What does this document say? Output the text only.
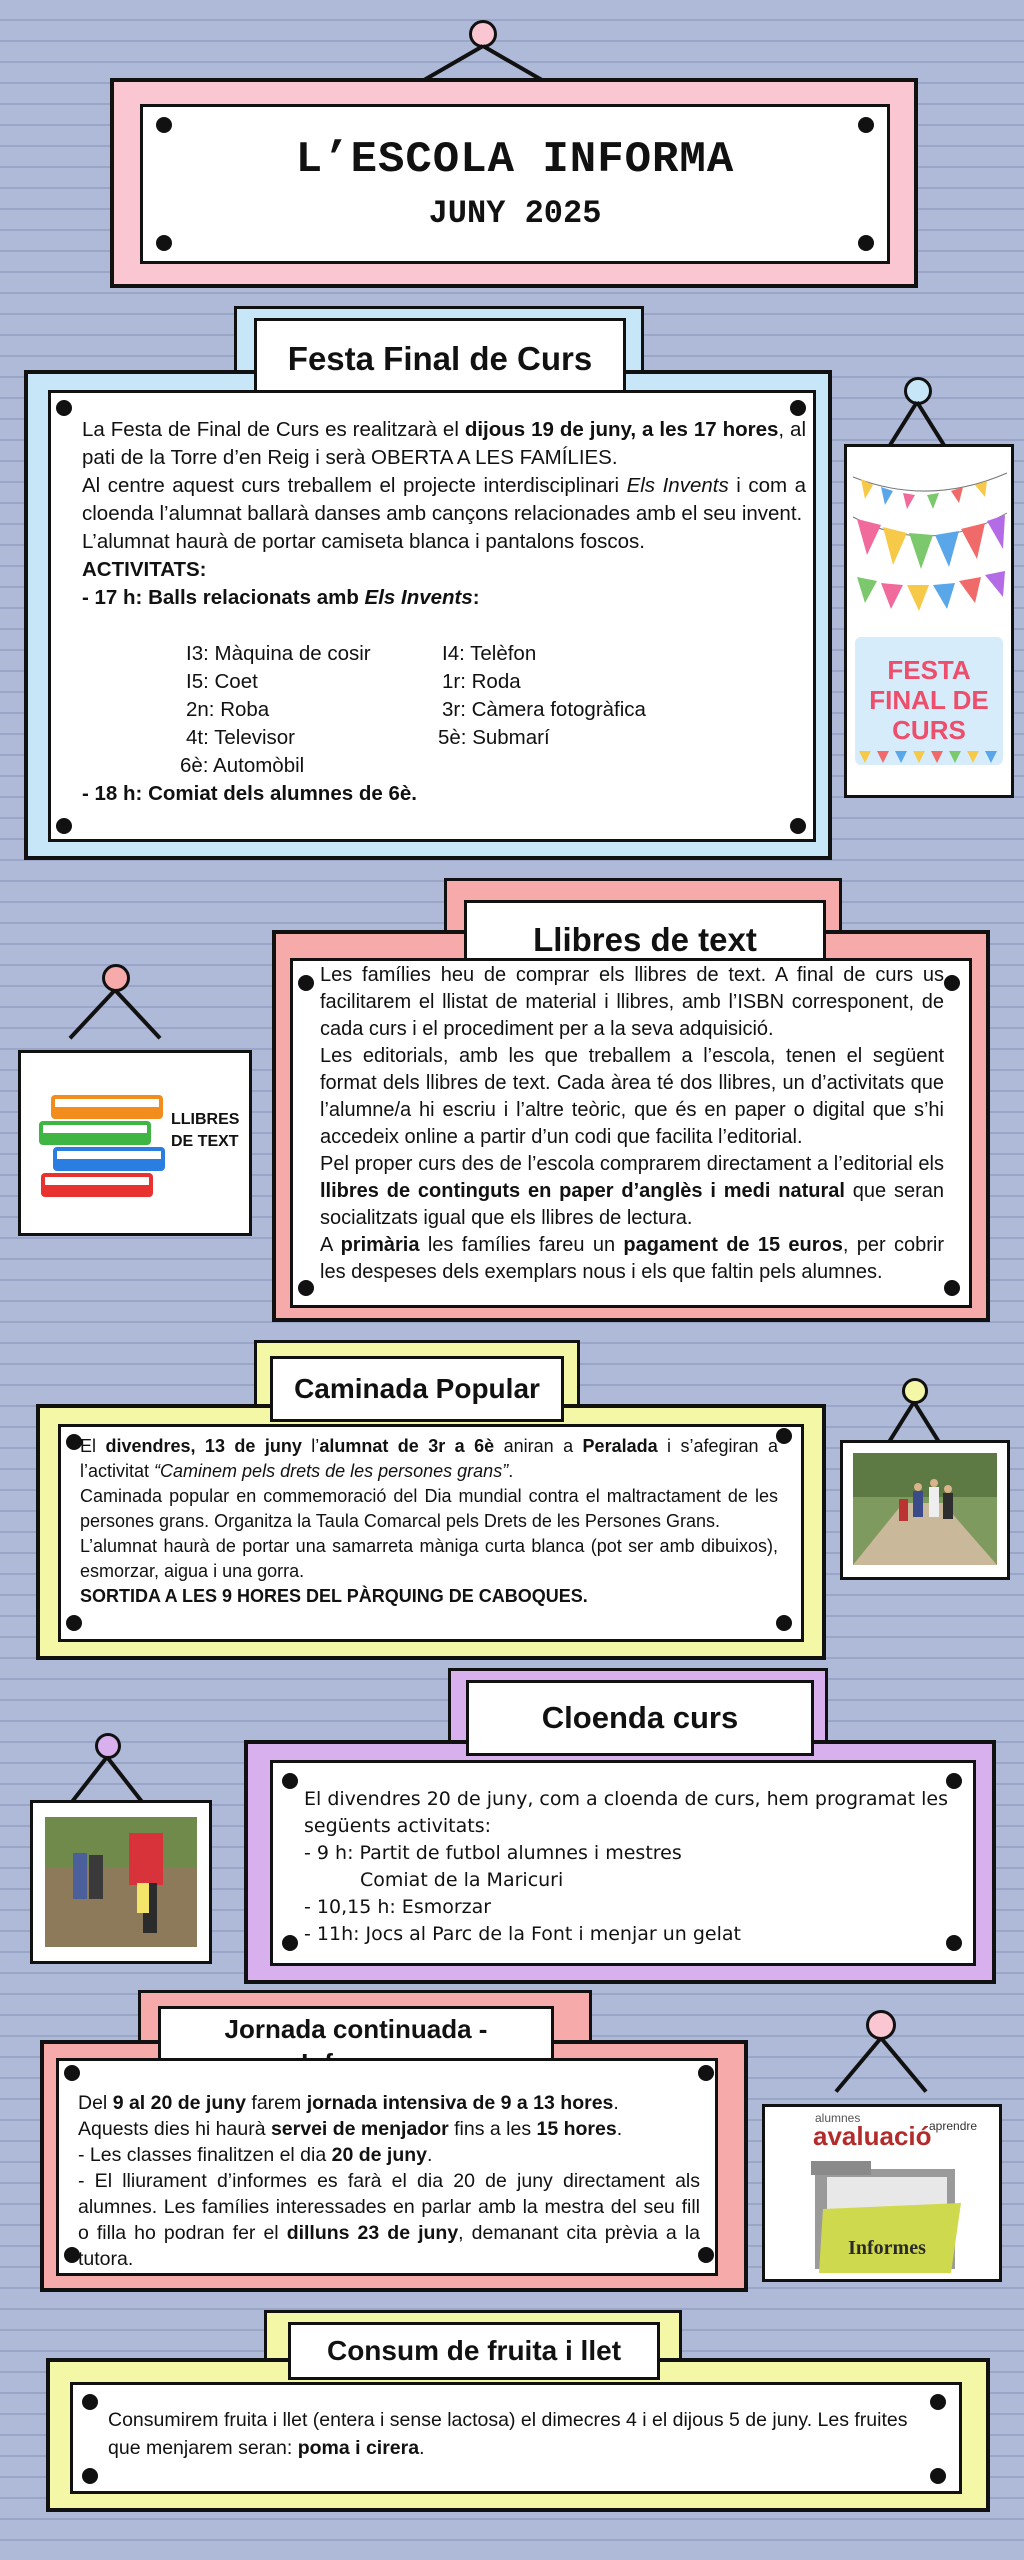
L’ESCOLA INFORMA
JUNY 2025
Festa Final de Curs

La Festa de Final de Curs es realitzarà el dijous 19 de juny, a les 17 hores, al pati de la Torre d’en Reig i serà OBERTA A LES FAMÍLIES.

Al centre aquest curs treballem el projecte interdisciplinari Els Invents i com a cloenda l’alumnat ballarà danses amb cançons relacionades amb el seu invent.

L’alumnat haurà de portar camiseta blanca i pantalons foscos.

ACTIVITATS:

- 17 h: Balls relacionats amb Els Invents:

I3: Màquina de cosir	I4: Telèfon
I5: Coet	1r: Roda
2n: Roba	3r: Càmera fotogràfica
4t: Televisor	5è: Submarí
6è: Automòbil
- 18 h: Comiat dels alumnes de 6è.
FESTA FINAL DE CURS
Llibres de text

Les famílies heu de comprar els llibres de text. A final de curs us facilitarem el llistat de material i llibres, amb l’ISBN corresponent, de cada curs i el procediment per a la seva adquisició.

Les editorials, amb les que treballem a l’escola, tenen el següent format dels llibres de text. Cada àrea té dos llibres, un d’activitats que l’alumne/a hi escriu i l’altre teòric, que és en paper o digital que s’hi accedeix online a partir d’un codi que facilita l’editorial.

Pel proper curs des de l’escola comprarem directament a l’editorial els llibres de continguts en paper d’anglès i medi natural que seran socialitzats igual que els llibres de lectura.

A primària les famílies fareu un pagament de 15 euros, per cobrir les despeses dels exemplars nous i els que faltin pels alumnes.

LLIBRES DE TEXT
Caminada Popular

El divendres, 13 de juny l’alumnat de 3r a 6è aniran a Peralada i s’afegiran a l’activitat “Caminem pels drets de les persones grans”.

Caminada popular en commemoració del Dia mundial contra el maltractament de les persones grans. Organitza la Taula Comarcal pels Drets de les Persones Grans.

L’alumnat haurà de portar una samarreta màniga curta blanca (pot ser amb dibuixos), esmorzar, aigua i una gorra.

SORTIDA A LES 9 HORES DEL PÀRQUING DE CABOQUES.

Cloenda curs

El divendres 20 de juny, com a cloenda de curs, hem programat les següents activitats:

- 9 h: Partit de futbol alumnes i mestres

Comiat de la Maricuri

- 10,15 h: Esmorzar

- 11h: Jocs al Parc de la Font i menjar un gelat

Jornada continuada -

Del 9 al 20 de juny farem jornada intensiva de 9 a 13 hores.

Aquests dies hi haurà servei de menjador fins a les 15 hores.

- Les classes finalitzen el dia 20 de juny.

- El lliurament d’informes es farà el dia 20 de juny directament als alumnes. Les famílies interessades en parlar amb la mestra del seu fill o filla ho podran fer el dilluns 23 de juny, demanant cita prèvia a la tutora.

alumnes
avaluació
aprendre
Informes
Consum de fruita i llet

Consumirem fruita i llet (entera i sense lactosa) el dimecres 4 i el dijous 5 de juny. Les fruites que menjarem seran: poma i cirera.
